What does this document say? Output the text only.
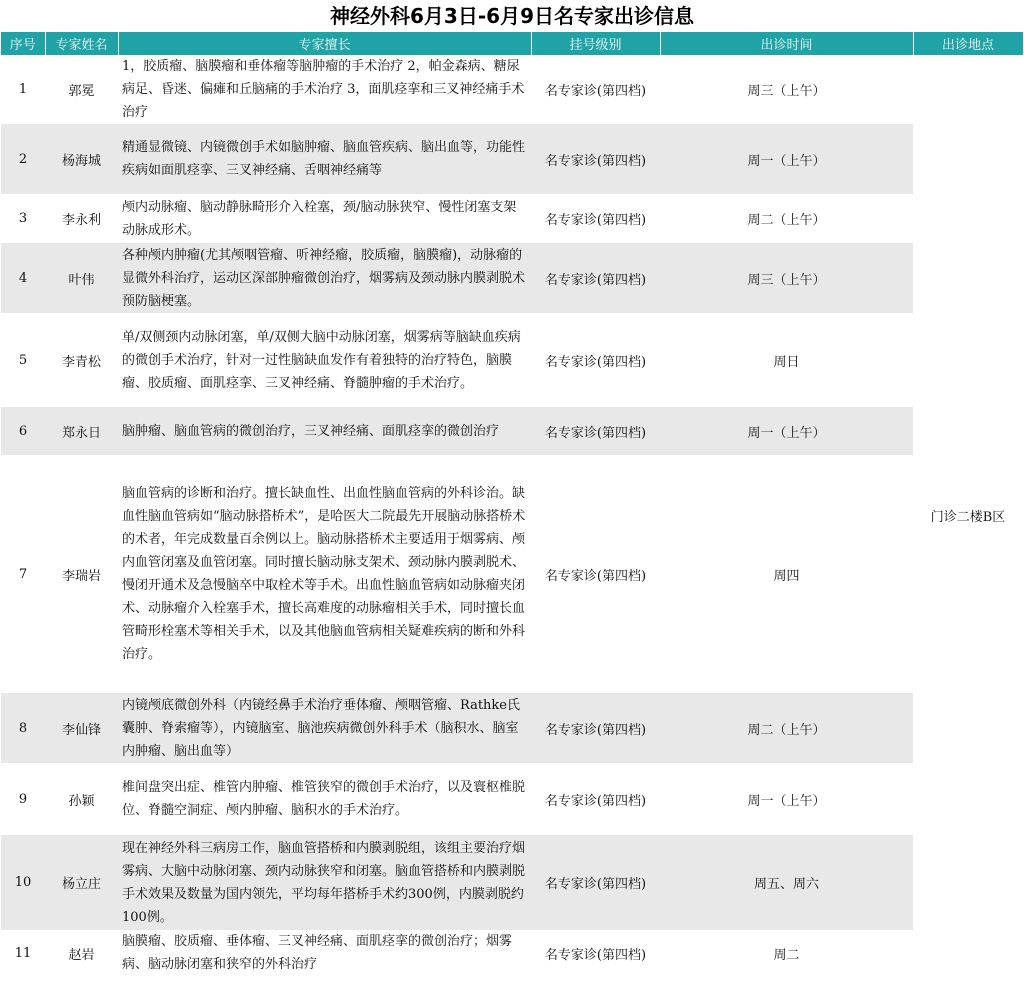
神经外科6月3日-6月9日名专家出诊信息
序号	专家姓名	专家擅长	挂号级别	出诊时间	出诊地点
1	郭冕	1，胶质瘤、脑膜瘤和垂体瘤等脑肿瘤的手术治疗 2，帕金森病、糖尿病足、昏迷、偏瘫和丘脑痛的手术治疗 3，面肌痉挛和三叉神经痛手术治疗	名专家诊(第四档)	周三（上午）	门诊二楼B区
2	杨海城	精通显微镜、内镜微创手术如脑肿瘤、脑血管疾病、脑出血等，功能性疾病如面肌痉挛、三叉神经痛、舌咽神经痛等	名专家诊(第四档)	周一（上午）	
3	李永利	颅内动脉瘤、脑动静脉畸形介入栓塞，颈/脑动脉狭窄、慢性闭塞支架动脉成形术。	名专家诊(第四档)	周二（上午）	
4	叶伟	各种颅内肿瘤(尤其颅咽管瘤、听神经瘤，胶质瘤，脑膜瘤)，动脉瘤的显微外科治疗，运动区深部肿瘤微创治疗，烟雾病及颈动脉内膜剥脱术预防脑梗塞。	名专家诊(第四档)	周三（上午）	
5	李青松	单/双侧颈内动脉闭塞，单/双侧大脑中动脉闭塞，烟雾病等脑缺血疾病的微创手术治疗，针对一过性脑缺血发作有着独特的治疗特色，脑膜瘤、胶质瘤、面肌痉挛、三叉神经痛、脊髓肿瘤的手术治疗。	名专家诊(第四档)	周日	
6	郑永日	脑肿瘤、脑血管病的微创治疗，三叉神经痛、面肌痉挛的微创治疗	名专家诊(第四档)	周一（上午）	
7	李瑞岩	脑血管病的诊断和治疗。擅长缺血性、出血性脑血管病的外科诊治。缺血性脑血管病如“脑动脉搭桥术”，是哈医大二院最先开展脑动脉搭桥术的术者，年完成数量百余例以上。脑动脉搭桥术主要适用于烟雾病、颅内血管闭塞及血管闭塞。同时擅长脑动脉支架术、颈动脉内膜剥脱术、慢闭开通术及急慢脑卒中取栓术等手术。出血性脑血管病如动脉瘤夹闭术、动脉瘤介入栓塞手术，擅长高难度的动脉瘤相关手术，同时擅长血管畸形栓塞术等相关手术，以及其他脑血管病相关疑难疾病的断和外科治疗。	名专家诊(第四档)	周四	
8	李仙锋	内镜颅底微创外科（内镜经鼻手术治疗垂体瘤、颅咽管瘤、Rathke氏囊肿、脊索瘤等），内镜脑室、脑池疾病微创外科手术（脑积水、脑室内肿瘤、脑出血等）	名专家诊(第四档)	周二（上午）	
9	孙颖	椎间盘突出症、椎管内肿瘤、椎管狭窄的微创手术治疗，以及寰枢椎脱位、脊髓空洞症、颅内肿瘤、脑积水的手术治疗。	名专家诊(第四档)	周一（上午）	
10	杨立庄	现在神经外科三病房工作，脑血管搭桥和内膜剥脱组，该组主要治疗烟雾病、大脑中动脉闭塞、颈内动脉狭窄和闭塞。脑血管搭桥和内膜剥脱手术效果及数量为国内领先，平均每年搭桥手术约300例，内膜剥脱约100例。	名专家诊(第四档)	周五、周六	
11	赵岩	脑膜瘤、胶质瘤、垂体瘤、三叉神经痛、面肌痉挛的微创治疗；烟雾病、脑动脉闭塞和狭窄的外科治疗	名专家诊(第四档)	周二	
